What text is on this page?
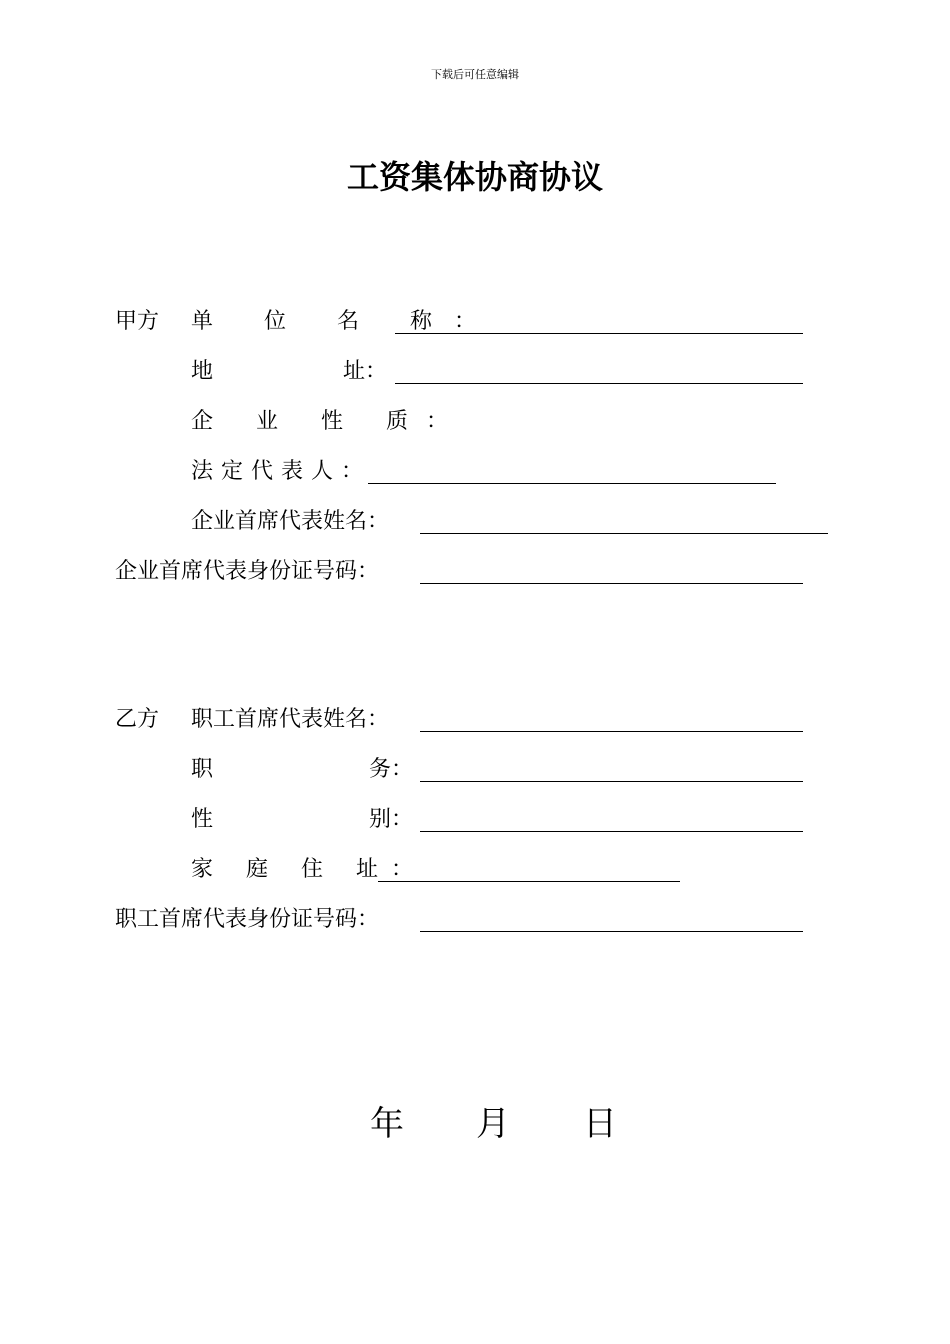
下载后可任意编辑
工资集体协商协议
甲方 单 位 名 称：
地	址：
企 业 性 质：
法定代表人：
企业首席代表姓名：
企业首席代表身份证号码：
乙方 职工首席代表姓名：
职	务：
性	别：
家 庭 住 址：
职工首席代表身份证号码：
年 月 日
